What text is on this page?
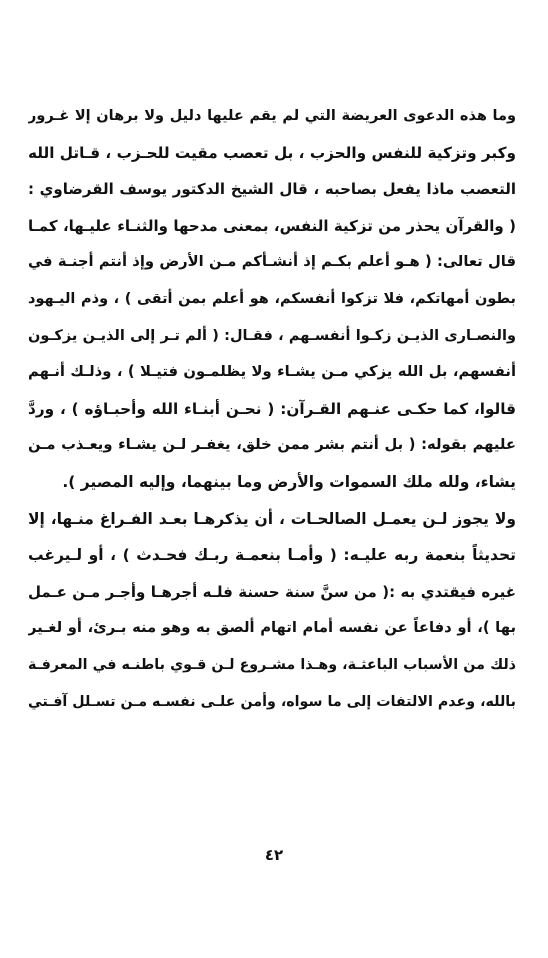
وما هذه الدعوى العريضة التي لم يقم عليها دليل ولا برهان إلا غـرور
وكبر وتزكية للنفس والحزب ، بل تعصب مقيت للحـزب ، قـاتل الله
التعصب ماذا يفعل بصاحبه ، قال الشيخ الدكتور يوسف القرضاوي :
( والقرآن يحذر من تزكية النفس، بمعنى مدحها والثنـاء عليـها، كمـا
قال تعالى: ( هـو أعلم بكـم إذ أنشـأكم مـن الأرض وإذ أنتم أجنـة في
بطون أمهاتكم، فلا تزكوا أنفسكم، هو أعلم بمن أتقى ) ، وذم اليـهود
والنصـارى الذيـن زكـوا أنفسـهم ، فقـال: ( ألم تـر إلى الذيـن يزكـون
أنفسهم، بل الله يزكي مـن يشـاء ولا يظلمـون فتيـلا ) ، وذلـك أنـهم
قالوا، كما حكـى عنـهم القـرآن: ( نحـن أبنـاء الله وأحبـاؤه ) ، وردَّ
عليهم بقوله: ( بل أنتم بشر ممن خلق، يغفـر لـن يشـاء ويعـذب مـن
يشاء، ولله ملك السموات والأرض وما بينهما، وإليه المصير ).
ولا يجوز لـن يعمـل الصالحـات ، أن يذكرهـا بعـد الفـراغ منـها، إلا
تحديثاً بنعمة ربه عليـه: ( وأمـا بنعمـة ربـك فحـدث ) ، أو لـيرغب
غيره فيقتدي به :( من سنَّ سنة حسنة فلـه أجرهـا وأجـر مـن عـمل
بها )، أو دفاعاً عن نفسه أمام اتهام ألصق به وهو منه بـرئ، أو لغـير
ذلك من الأسباب الباعثـة، وهـذا مشـروع لـن قـوي باطنـه في المعرفـة
بالله، وعدم الالتفات إلى ما سواه، وأمن علـى نفسـه مـن تسـلل آفـتي
٤٢
